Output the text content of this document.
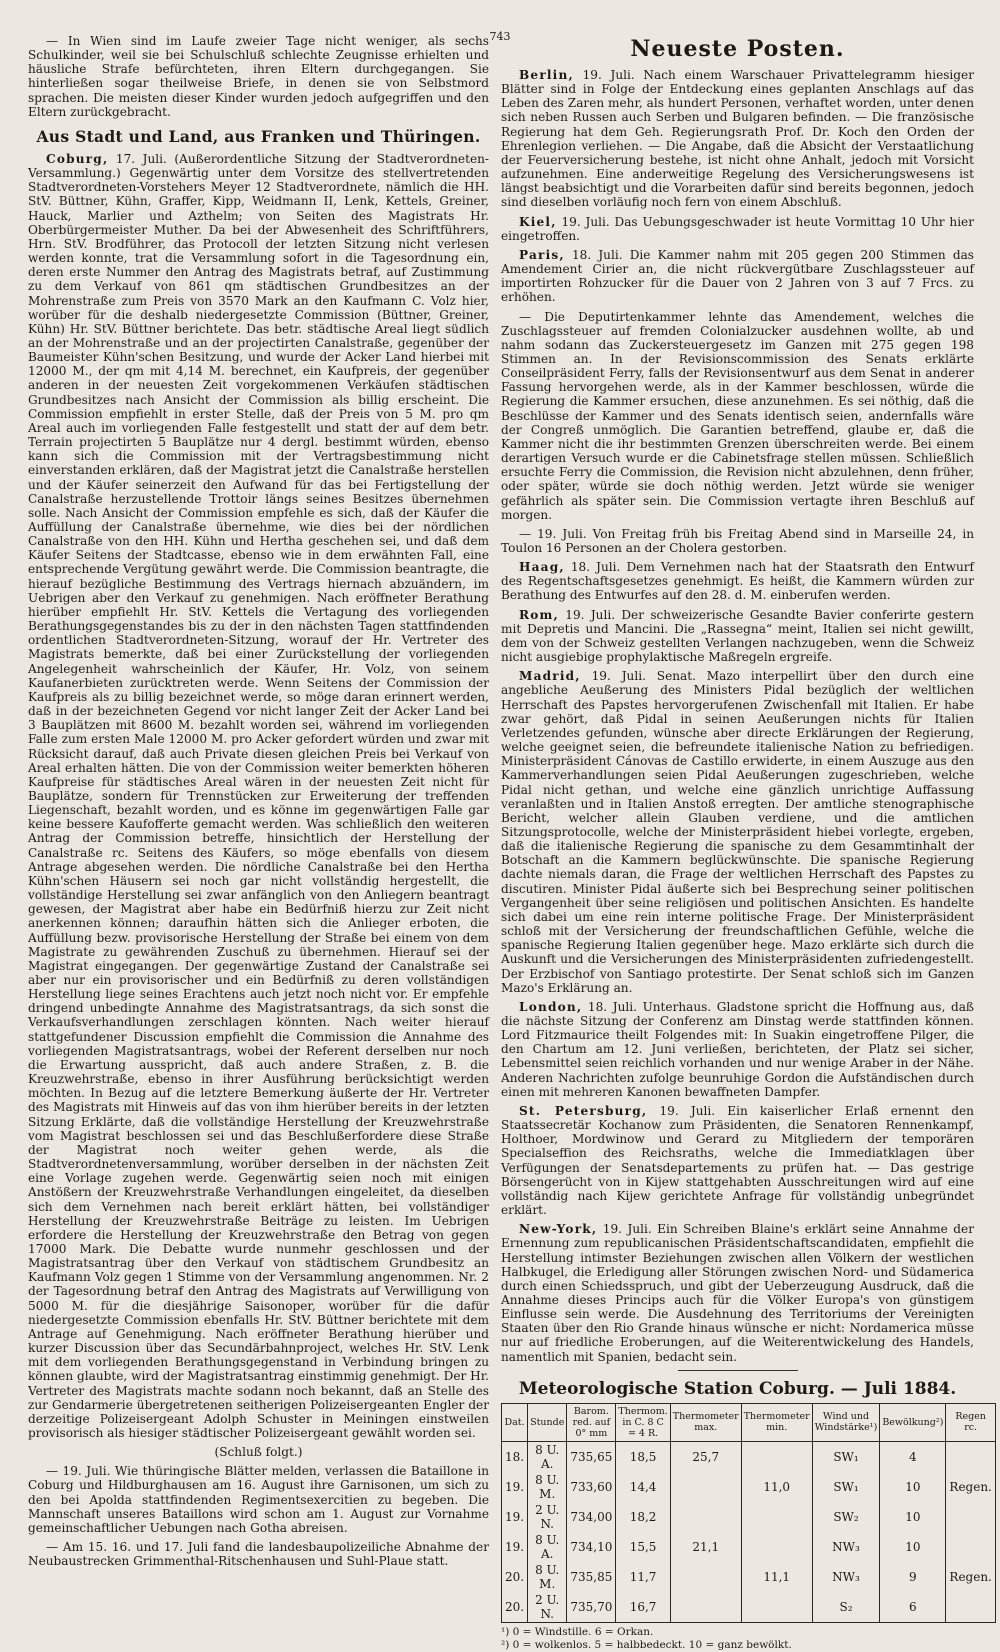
743

— In Wien sind im Laufe zweier Tage nicht weniger, als sechs Schulkinder, weil sie bei Schulschluß schlechte Zeugnisse erhielten und häusliche Strafe befürchteten, ihren Eltern durchgegangen. Sie hinterließen sogar theilweise Briefe, in denen sie von Selbstmord sprachen. Die meisten dieser Kinder wurden jedoch aufgegriffen und den Eltern zurückgebracht.

Aus Stadt und Land, aus Franken und Thüringen.

Coburg, 17. Juli. (Außerordentliche Sitzung der Stadtverordneten-Versammlung.) Gegenwärtig unter dem Vorsitze des stellvertretenden Stadtverordneten-Vorstehers Meyer 12 Stadtverordnete, nämlich die HH. StV. Büttner, Kühn, Graffer, Kipp, Weidmann II, Lenk, Kettels, Greiner, Hauck, Marlier und Azthelm; von Seiten des Magistrats Hr. Oberbürgermeister Muther. Da bei der Abwesenheit des Schriftführers, Hrn. StV. Brodführer, das Protocoll der letzten Sitzung nicht verlesen werden konnte, trat die Versammlung sofort in die Tagesordnung ein, deren erste Nummer den Antrag des Magistrats betraf, auf Zustimmung zu dem Verkauf von 861 qm städtischen Grundbesitzes an der Mohrenstraße zum Preis von 3570 Mark an den Kaufmann C. Volz hier, worüber für die deshalb niedergesetzte Commission (Büttner, Greiner, Kühn) Hr. StV. Büttner berichtete. Das betr. städtische Areal liegt südlich an der Mohrenstraße und an der projectirten Canalstraße, gegenüber der Baumeister Kühn'schen Besitzung, und wurde der Acker Land hierbei mit 12000 M., der qm mit 4,14 M. berechnet, ein Kaufpreis, der gegenüber anderen in der neuesten Zeit vorgekommenen Verkäufen städtischen Grundbesitzes nach Ansicht der Commission als billig erscheint. Die Commission empfiehlt in erster Stelle, daß der Preis von 5 M. pro qm Areal auch im vorliegenden Falle festgestellt und statt der auf dem betr. Terrain projectirten 5 Bauplätze nur 4 dergl. bestimmt würden, ebenso kann sich die Commission mit der Vertragsbestimmung nicht einverstanden erklären, daß der Magistrat jetzt die Canalstraße herstellen und der Käufer seinerzeit den Aufwand für das bei Fertigstellung der Canalstraße herzustellende Trottoir längs seines Besitzes übernehmen solle. Nach Ansicht der Commission empfehle es sich, daß der Käufer die Auffüllung der Canalstraße übernehme, wie dies bei der nördlichen Canalstraße von den HH. Kühn und Hertha geschehen sei, und daß dem Käufer Seitens der Stadtcasse, ebenso wie in dem erwähnten Fall, eine entsprechende Vergütung gewährt werde. Die Commission beantragte, die hierauf bezügliche Bestimmung des Vertrags hiernach abzuändern, im Uebrigen aber den Verkauf zu genehmigen. Nach eröffneter Berathung hierüber empfiehlt Hr. StV. Kettels die Vertagung des vorliegenden Berathungsgegenstandes bis zu der in den nächsten Tagen stattfindenden ordentlichen Stadtverordneten-Sitzung, worauf der Hr. Vertreter des Magistrats bemerkte, daß bei einer Zurückstellung der vorliegenden Angelegenheit wahrscheinlich der Käufer, Hr. Volz, von seinem Kaufanerbieten zurücktreten werde. Wenn Seitens der Commission der Kaufpreis als zu billig bezeichnet werde, so möge daran erinnert werden, daß in der bezeichneten Gegend vor nicht langer Zeit der Acker Land bei 3 Bauplätzen mit 8600 M. bezahlt worden sei, während im vorliegenden Falle zum ersten Male 12000 M. pro Acker gefordert würden und zwar mit Rücksicht darauf, daß auch Private diesen gleichen Preis bei Verkauf von Areal erhalten hätten. Die von der Commission weiter bemerkten höheren Kaufpreise für städtisches Areal wären in der neuesten Zeit nicht für Bauplätze, sondern für Trennstücken zur Erweiterung der treffenden Liegenschaft, bezahlt worden, und es könne im gegenwärtigen Falle gar keine bessere Kaufofferte gemacht werden. Was schließlich den weiteren Antrag der Commission betreffe, hinsichtlich der Herstellung der Canalstraße rc. Seitens des Käufers, so möge ebenfalls von diesem Antrage abgesehen werden. Die nördliche Canalstraße bei den Hertha Kühn'schen Häusern sei noch gar nicht vollständig hergestellt, die vollständige Herstellung sei zwar anfänglich von den Anliegern beantragt gewesen, der Magistrat aber habe ein Bedürfniß hierzu zur Zeit nicht anerkennen können; daraufhin hätten sich die Anlieger erboten, die Auffüllung bezw. provisorische Herstellung der Straße bei einem von dem Magistrate zu gewährenden Zuschuß zu übernehmen. Hierauf sei der Magistrat eingegangen. Der gegenwärtige Zustand der Canalstraße sei aber nur ein provisorischer und ein Bedürfniß zu deren vollständigen Herstellung liege seines Erachtens auch jetzt noch nicht vor. Er empfehle dringend unbedingte Annahme des Magistratsantrags, da sich sonst die Verkaufsverhandlungen zerschlagen könnten. Nach weiter hierauf stattgefundener Discussion empfiehlt die Commission die Annahme des vorliegenden Magistratsantrags, wobei der Referent derselben nur noch die Erwartung ausspricht, daß auch andere Straßen, z. B. die Kreuzwehrstraße, ebenso in ihrer Ausführung berücksichtigt werden möchten. In Bezug auf die letztere Bemerkung äußerte der Hr. Vertreter des Magistrats mit Hinweis auf das von ihm hierüber bereits in der letzten Sitzung Erklärte, daß die vollständige Herstellung der Kreuzwehrstraße vom Magistrat beschlossen sei und das Beschlußerfordere diese Straße der Magistrat noch weiter gehen werde, als die Stadtverordnetenversammlung, worüber derselben in der nächsten Zeit eine Vorlage zugehen werde. Gegenwärtig seien noch mit einigen Anstößern der Kreuzwehrstraße Verhandlungen eingeleitet, da dieselben sich dem Vernehmen nach bereit erklärt hätten, bei vollständiger Herstellung der Kreuzwehrstraße Beiträge zu leisten. Im Uebrigen erfordere die Herstellung der Kreuzwehrstraße den Betrag von gegen 17000 Mark. Die Debatte wurde nunmehr geschlossen und der Magistratsantrag über den Verkauf von städtischem Grundbesitz an Kaufmann Volz gegen 1 Stimme von der Versammlung angenommen. Nr. 2 der Tagesordnung betraf den Antrag des Magistrats auf Verwilligung von 5000 M. für die diesjährige Saisonoper, worüber für die dafür niedergesetzte Commission ebenfalls Hr. StV. Büttner berichtete mit dem Antrage auf Genehmigung. Nach eröffneter Berathung hierüber und kurzer Discussion über das Secundärbahnproject, welches Hr. StV. Lenk mit dem vorliegenden Berathungsgegenstand in Verbindung bringen zu können glaubte, wird der Magistratsantrag einstimmig genehmigt. Der Hr. Vertreter des Magistrats machte sodann noch bekannt, daß an Stelle des zur Gendarmerie übergetretenen seitherigen Polizeisergeanten Engler der derzeitige Polizeisergeant Adolph Schuster in Meiningen einstweilen provisorisch als hiesiger städtischer Polizeisergeant gewählt worden sei.

(Schluß folgt.)

— 19. Juli. Wie thüringische Blätter melden, verlassen die Bataillone in Coburg und Hildburghausen am 16. August ihre Garnisonen, um sich zu den bei Apolda stattfindenden Regimentsexercitien zu begeben. Die Mannschaft unseres Bataillons wird schon am 1. August zur Vornahme gemeinschaftlicher Uebungen nach Gotha abreisen.

— Am 15. 16. und 17. Juli fand die landesbaupolizeiliche Abnahme der Neubaustrecken Grimmenthal-Ritschenhausen und Suhl-Plaue statt.

Neueste Posten.

Berlin, 19. Juli. Nach einem Warschauer Privattelegramm hiesiger Blätter sind in Folge der Entdeckung eines geplanten Anschlags auf das Leben des Zaren mehr, als hundert Personen, verhaftet worden, unter denen sich neben Russen auch Serben und Bulgaren befinden. — Die französische Regierung hat dem Geh. Regierungsrath Prof. Dr. Koch den Orden der Ehrenlegion verliehen. — Die Angabe, daß die Absicht der Verstaatlichung der Feuerversicherung bestehe, ist nicht ohne Anhalt, jedoch mit Vorsicht aufzunehmen. Eine anderweitige Regelung des Versicherungswesens ist längst beabsichtigt und die Vorarbeiten dafür sind bereits begonnen, jedoch sind dieselben vorläufig noch fern von einem Abschluß.

Kiel, 19. Juli. Das Uebungsgeschwader ist heute Vormittag 10 Uhr hier eingetroffen.

Paris, 18. Juli. Die Kammer nahm mit 205 gegen 200 Stimmen das Amendement Cirier an, die nicht rückvergütbare Zuschlagssteuer auf importirten Rohzucker für die Dauer von 2 Jahren von 3 auf 7 Frcs. zu erhöhen.

— Die Deputirtenkammer lehnte das Amendement, welches die Zuschlagssteuer auf fremden Colonialzucker ausdehnen wollte, ab und nahm sodann das Zuckersteuergesetz im Ganzen mit 275 gegen 198 Stimmen an. In der Revisionscommission des Senats erklärte Conseilpräsident Ferry, falls der Revisionsentwurf aus dem Senat in anderer Fassung hervorgehen werde, als in der Kammer beschlossen, würde die Regierung die Kammer ersuchen, diese anzunehmen. Es sei nöthig, daß die Beschlüsse der Kammer und des Senats identisch seien, andernfalls wäre der Congreß unmöglich. Die Garantien betreffend, glaube er, daß die Kammer nicht die ihr bestimmten Grenzen überschreiten werde. Bei einem derartigen Versuch wurde er die Cabinetsfrage stellen müssen. Schließlich ersuchte Ferry die Commission, die Revision nicht abzulehnen, denn früher, oder später, würde sie doch nöthig werden. Jetzt würde sie weniger gefährlich als später sein. Die Commission vertagte ihren Beschluß auf morgen.

— 19. Juli. Von Freitag früh bis Freitag Abend sind in Marseille 24, in Toulon 16 Personen an der Cholera gestorben.

Haag, 18. Juli. Dem Vernehmen nach hat der Staatsrath den Entwurf des Regentschaftsgesetzes genehmigt. Es heißt, die Kammern würden zur Berathung des Entwurfes auf den 28. d. M. einberufen werden.

Rom, 19. Juli. Der schweizerische Gesandte Bavier conferirte gestern mit Depretis und Mancini. Die „Rassegna“ meint, Italien sei nicht gewillt, dem von der Schweiz gestellten Verlangen nachzugeben, wenn die Schweiz nicht ausgiebige prophylaktische Maßregeln ergreife.

Madrid, 19. Juli. Senat. Mazo interpellirt über den durch eine angebliche Aeußerung des Ministers Pidal bezüglich der weltlichen Herrschaft des Papstes hervorgerufenen Zwischenfall mit Italien. Er habe zwar gehört, daß Pidal in seinen Aeußerungen nichts für Italien Verletzendes gefunden, wünsche aber directe Erklärungen der Regierung, welche geeignet seien, die befreundete italienische Nation zu befriedigen. Ministerpräsident Cánovas de Castillo erwiderte, in einem Auszuge aus den Kammerverhandlungen seien Pidal Aeußerungen zugeschrieben, welche Pidal nicht gethan, und welche eine gänzlich unrichtige Auffassung veranlaßten und in Italien Anstoß erregten. Der amtliche stenographische Bericht, welcher allein Glauben verdiene, und die amtlichen Sitzungsprotocolle, welche der Ministerpräsident hiebei vorlegte, ergeben, daß die italienische Regierung die spanische zu dem Gesammtinhalt der Botschaft an die Kammern beglückwünschte. Die spanische Regierung dachte niemals daran, die Frage der weltlichen Herrschaft des Papstes zu discutiren. Minister Pidal äußerte sich bei Besprechung seiner politischen Vergangenheit über seine religiösen und politischen Ansichten. Es handelte sich dabei um eine rein interne politische Frage. Der Ministerpräsident schloß mit der Versicherung der freundschaftlichen Gefühle, welche die spanische Regierung Italien gegenüber hege. Mazo erklärte sich durch die Auskunft und die Versicherungen des Ministerpräsidenten zufriedengestellt. Der Erzbischof von Santiago protestirte. Der Senat schloß sich im Ganzen Mazo's Erklärung an.

London, 18. Juli. Unterhaus. Gladstone spricht die Hoffnung aus, daß die nächste Sitzung der Conferenz am Dinstag werde stattfinden können. Lord Fitzmaurice theilt Folgendes mit: In Suakin eingetroffene Pilger, die den Chartum am 12. Juni verließen, berichteten, der Platz sei sicher, Lebensmittel seien reichlich vorhanden und nur wenige Araber in der Nähe. Anderen Nachrichten zufolge beunruhige Gordon die Aufständischen durch einen mit mehreren Kanonen bewaffneten Dampfer.

St. Petersburg, 19. Juli. Ein kaiserlicher Erlaß ernennt den Staatssecretär Kochanow zum Präsidenten, die Senatoren Rennenkampf, Holthoer, Mordwinow und Gerard zu Mitgliedern der temporären Specialseffion des Reichsraths, welche die Immediatklagen über Verfügungen der Senatsdepartements zu prüfen hat. — Das gestrige Börsengerücht von in Kijew stattgehabten Ausschreitungen wird auf eine vollständig nach Kijew gerichtete Anfrage für vollständig unbegründet erklärt.

New-York, 19. Juli. Ein Schreiben Blaine's erklärt seine Annahme der Ernennung zum republicanischen Präsidentschaftscandidaten, empfiehlt die Herstellung intimster Beziehungen zwischen allen Völkern der westlichen Halbkugel, die Erledigung aller Störungen zwischen Nord- und Südamerica durch einen Schiedsspruch, und gibt der Ueberzeugung Ausdruck, daß die Annahme dieses Princips auch für die Völker Europa's von günstigem Einflusse sein werde. Die Ausdehnung des Territoriums der Vereinigten Staaten über den Rio Grande hinaus wünsche er nicht: Nordamerica müsse nur auf friedliche Eroberungen, auf die Weiterentwickelung des Handels, namentlich mit Spanien, bedacht sein.

Meteorologische Station Coburg. — Juli 1884.
Dat.	Stunde	Barom. red. auf 0° mm	Thermom. in C. 8 C = 4 R.	Thermometer max.	Thermometer min.	Wind und Windstärke¹)	Bewölkung²)	Regen rc.
18.	8 U. A.	735,65	18,5	25,7		SW₁	4	
19.	8 U. M.	733,60	14,4		11,0	SW₁	10	Regen.
19.	2 U. N.	734,00	18,2			SW₂	10	
19.	8 U. A.	734,10	15,5	21,1		NW₃	10	
20.	8 U. M.	735,85	11,7		11,1	NW₃	9	Regen.
20.	2 U. N.	735,70	16,7			S₂	6	
¹) 0 = Windstille. 6 = Orkan.
²) 0 = wolkenlos. 5 = halbbedeckt. 10 = ganz bewölkt.
